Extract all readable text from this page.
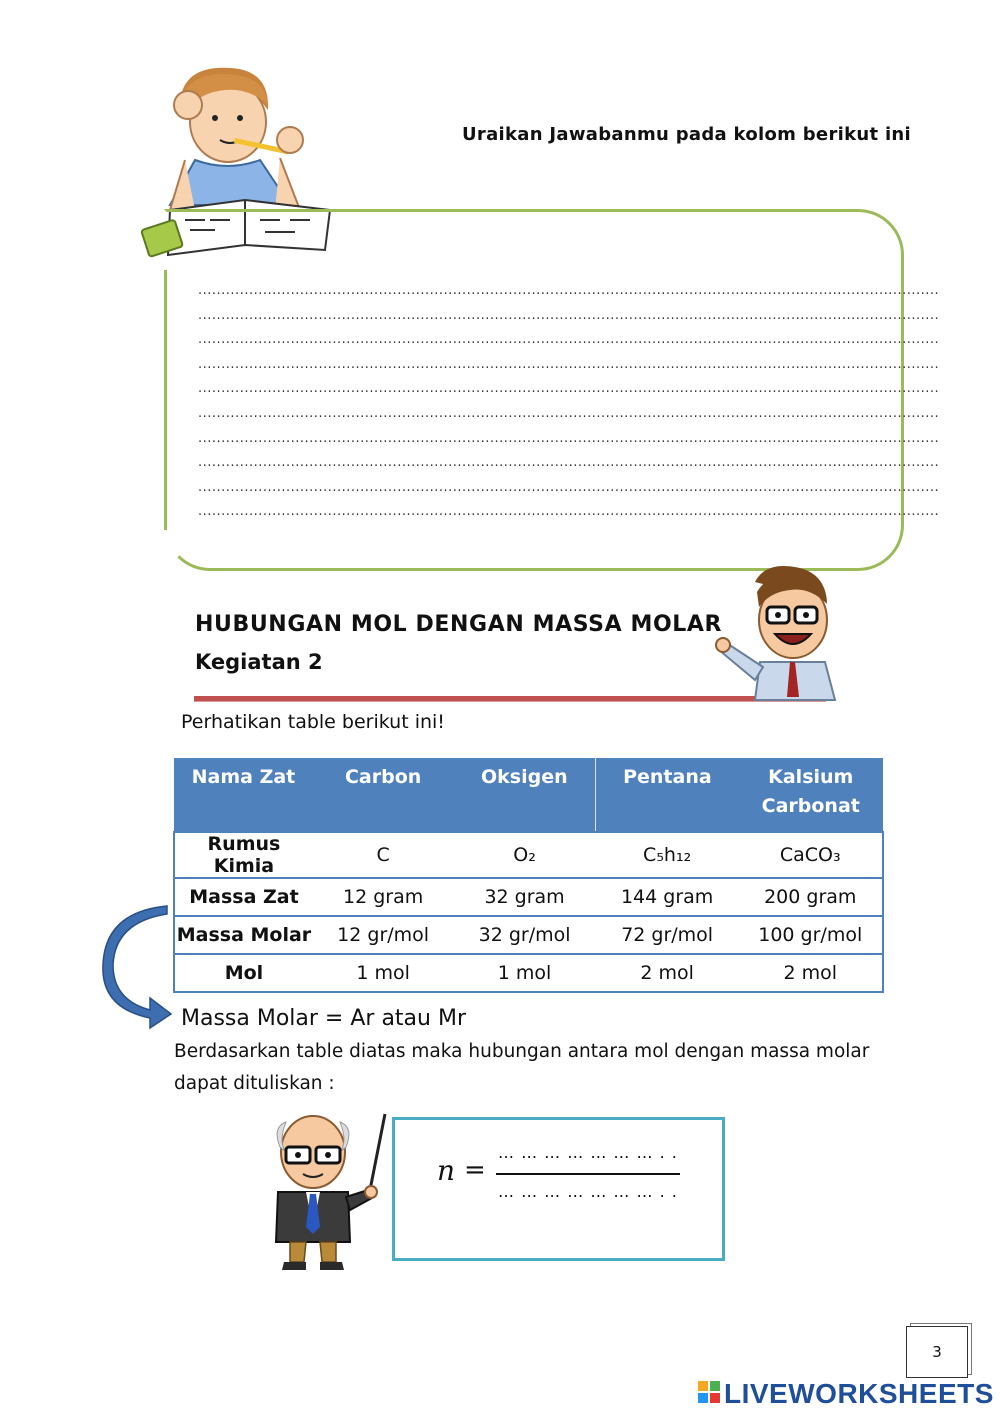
Uraikan Jawabanmu pada kolom berikut ini
................................................................................................................................................................
................................................................................................................................................................
................................................................................................................................................................
................................................................................................................................................................
................................................................................................................................................................
................................................................................................................................................................
................................................................................................................................................................
................................................................................................................................................................
................................................................................................................................................................
................................................................................................................................................................
HUBUNGAN MOL DENGAN MASSA MOLAR
Kegiatan 2
Perhatikan table berikut ini!
Nama Zat	Carbon	Oksigen	Pentana	Kalsium Carbonat
Rumus Kimia	C	O₂	C₅h₁₂	CaCO₃
Massa Zat	12 gram	32 gram	144 gram	200 gram
Massa Molar	12 gr/mol	32 gr/mol	72 gr/mol	100 gr/mol
Mol	1 mol	1 mol	2 mol	2 mol
Massa Molar = Ar atau Mr
Berdasarkan table diatas maka hubungan antara mol dengan massa molar dapat dituliskan :
n =
… … … … … … … . .
… … … … … … … . .
3
LIVEWORKSHEETS
